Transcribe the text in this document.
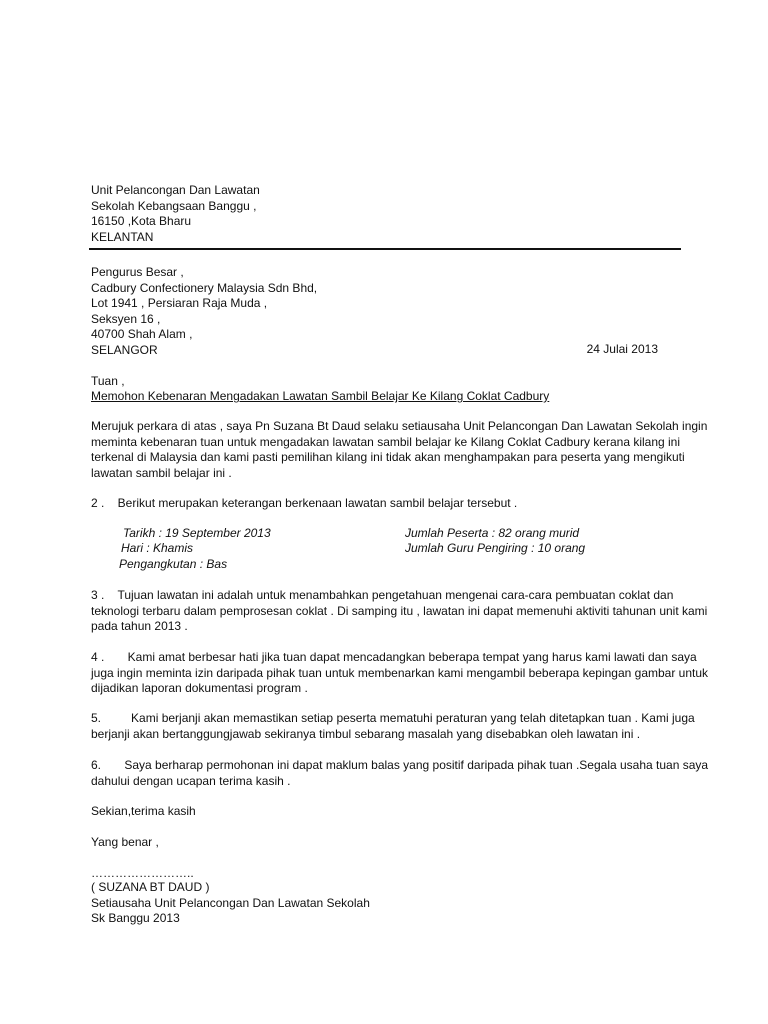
Unit Pelancongan Dan Lawatan
Sekolah Kebangsaan Banggu ,
16150 ,Kota Bharu
KELANTAN
Pengurus Besar ,
Cadbury Confectionery Malaysia Sdn Bhd,
Lot 1941 , Persiaran Raja Muda ,
Seksyen 16 ,
40700 Shah Alam ,
SELANGOR	24 Julai 2013
Tuan ,
Memohon Kebenaran Mengadakan Lawatan Sambil Belajar Ke Kilang Coklat Cadbury
Merujuk perkara di atas , saya Pn Suzana Bt Daud selaku setiausaha Unit Pelancongan Dan Lawatan Sekolah ingin
meminta kebenaran tuan untuk mengadakan lawatan sambil belajar ke Kilang Coklat Cadbury kerana kilang ini
terkenal di Malaysia dan kami pasti pemilihan kilang ini tidak akan menghampakan para peserta yang mengikuti
lawatan sambil belajar ini .
2 .    Berikut merupakan keterangan berkenaan lawatan sambil belajar tersebut .
Tarikh : 19 September 2013
Hari : Khamis
Pengangkutan : Bas
Jumlah Peserta : 82 orang murid
Jumlah Guru Pengiring : 10 orang
3 .    Tujuan lawatan ini adalah untuk menambahkan pengetahuan mengenai cara-cara pembuatan coklat dan
teknologi terbaru dalam pemprosesan coklat . Di samping itu , lawatan ini dapat memenuhi aktiviti tahunan unit kami
pada tahun 2013 .
4 .       Kami amat berbesar hati jika tuan dapat mencadangkan beberapa tempat yang harus kami lawati dan saya
juga ingin meminta izin daripada pihak tuan untuk membenarkan kami mengambil beberapa kepingan gambar untuk
dijadikan laporan dokumentasi program .
5.         Kami berjanji akan memastikan setiap peserta mematuhi peraturan yang telah ditetapkan tuan . Kami juga
berjanji akan bertanggungjawab sekiranya timbul sebarang masalah yang disebabkan oleh lawatan ini .
6.       Saya berharap permohonan ini dapat maklum balas yang positif daripada pihak tuan .Segala usaha tuan saya
dahului dengan ucapan terima kasih .
Sekian,terima kasih
Yang benar ,
……………………..
( SUZANA BT DAUD )
Setiausaha Unit Pelancongan Dan Lawatan Sekolah
Sk Banggu 2013
